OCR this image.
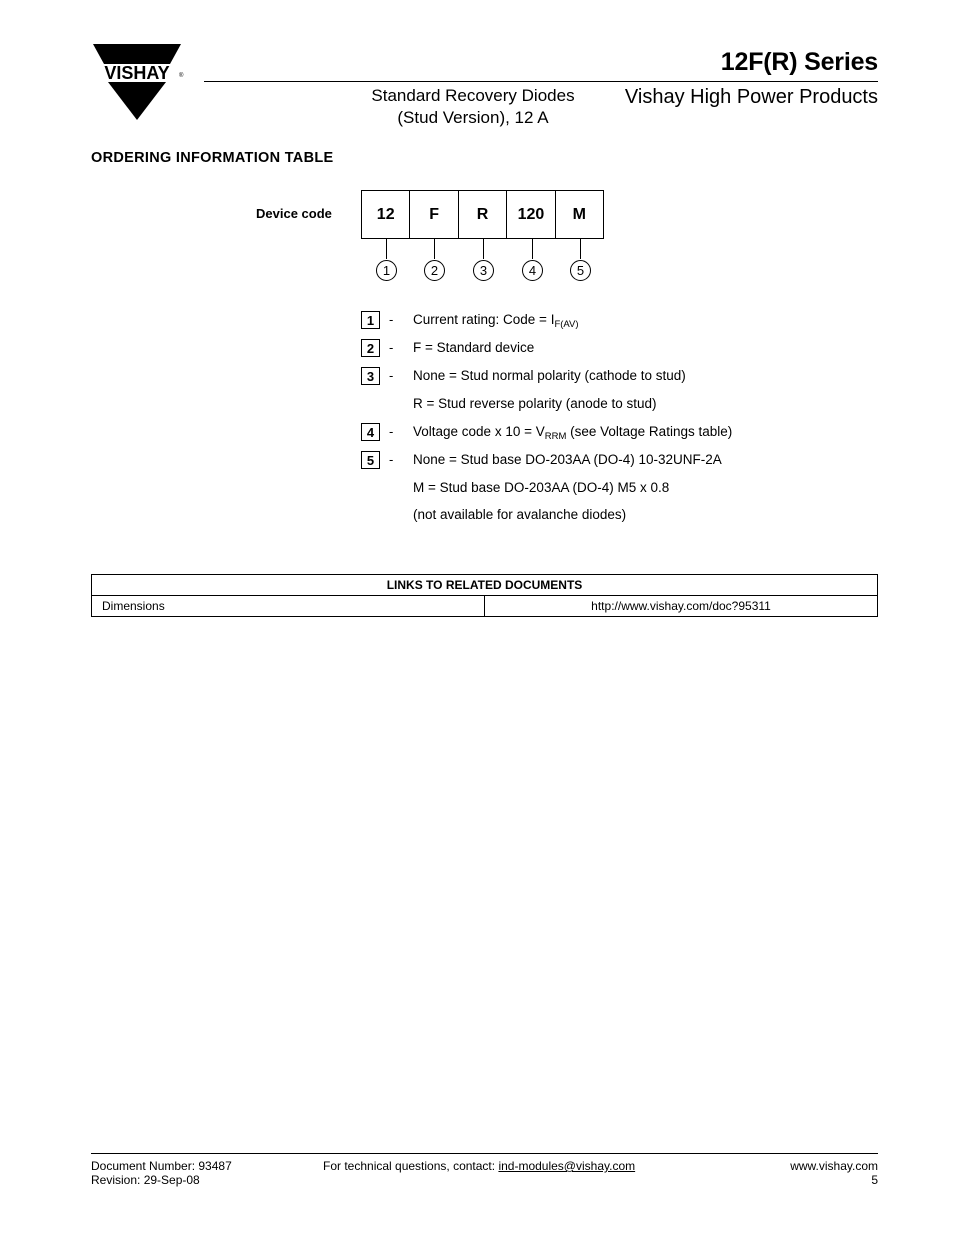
VISHAY ®	12F(R) Series
Standard Recovery Diodes
(Stud Version), 12 A
Vishay High Power Products
ORDERING INFORMATION TABLE
Device code	12	F	R	120	M
1	2	3	4	5
1	- Current rating: Code = $I_{F(AV)}$
2	- F = Standard device
3	- None = Stud normal polarity (cathode to stud)
R = Stud reverse polarity (anode to stud)
4	- Voltage code x $10 = V_{RRM}$ (see Voltage Ratings table)
5	- None = Stud base DO-203AA (DO-4) 10-32UNF-2A
M = Stud base DO-203AA (DO-4) M5 x 0.8
(not available for avalanche diodes)
LINKS TO RELATED DOCUMENTS
Dimensions	http://www.vishay.com/doc?95311
Document Number: 93487
Revision: 29-Sep-08
For technical questions, contact: ind-modules@vishay.com	www.vishay.com
5
